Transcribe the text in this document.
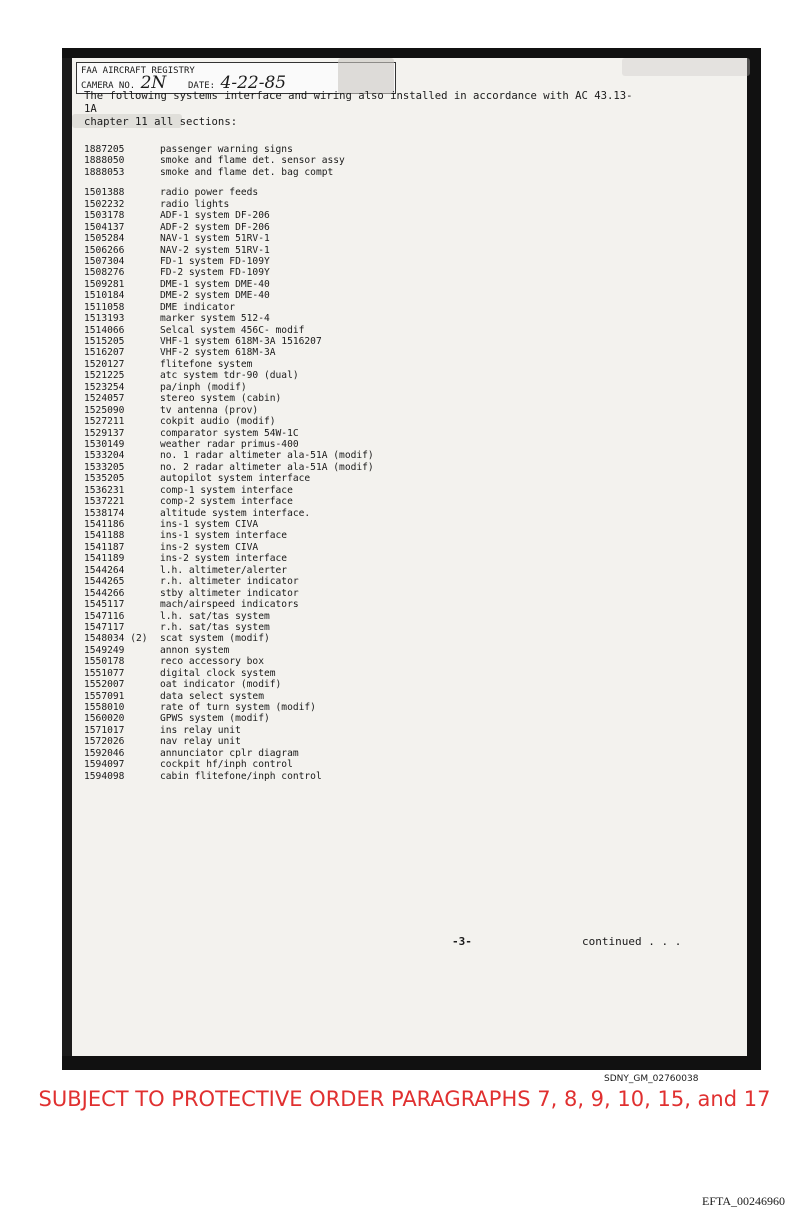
FAA AIRCRAFT REGISTRY
CAMERA NO. 2N DATE: 4-22-85
The following systems interface and wiring also installed in accordance with AC 43.13-1A
chapter 11 all sections:
1887205	passenger warning signs
1888050	smoke and flame det. sensor assy
1888053	smoke and flame det. bag compt
1501388	radio power feeds
1502232	radio lights
1503178	ADF-1 system DF-206
1504137	ADF-2 system DF-206
1505284	NAV-1 system 51RV-1
1506266	NAV-2 system 51RV-1
1507304	FD-1 system FD-109Y
1508276	FD-2 system FD-109Y
1509281	DME-1 system DME-40
1510184	DME-2 system DME-40
1511058	DME indicator
1513193	marker system 512-4
1514066	Selcal system 456C- modif
1515205	VHF-1 system 618M-3A 1516207
1516207	VHF-2 system 618M-3A
1520127	flitefone system
1521225	atc system tdr-90 (dual)
1523254	pa/inph (modif)
1524057	stereo system (cabin)
1525090	tv antenna (prov)
1527211	cokpit audio (modif)
1529137	comparator system 54W-1C
1530149	weather radar primus-400
1533204	no. 1 radar altimeter ala-51A (modif)
1533205	no. 2 radar altimeter ala-51A (modif)
1535205	autopilot system interface
1536231	comp-1 system interface
1537221	comp-2 system interface
1538174	altitude system interface.
1541186	ins-1 system CIVA
1541188	ins-1 system interface
1541187	ins-2 system CIVA
1541189	ins-2 system interface
1544264	l.h. altimeter/alerter
1544265	r.h. altimeter indicator
1544266	stby altimeter indicator
1545117	mach/airspeed indicators
1547116	l.h. sat/tas system
1547117	r.h. sat/tas system
1548034 (2)	scat system (modif)
1549249	annon system
1550178	reco accessory box
1551077	digital clock system
1552007	oat indicator (modif)
1557091	data select system
1558010	rate of turn system (modif)
1560020	GPWS system (modif)
1571017	ins relay unit
1572026	nav relay unit
1592046	annunciator cplr diagram
1594097	cockpit hf/inph control
1594098	cabin flitefone/inph control
-3-	continued . . .
SDNY_GM_02760038
SUBJECT TO PROTECTIVE ORDER PARAGRAPHS 7, 8, 9, 10, 15, and 17
EFTA_00246960
